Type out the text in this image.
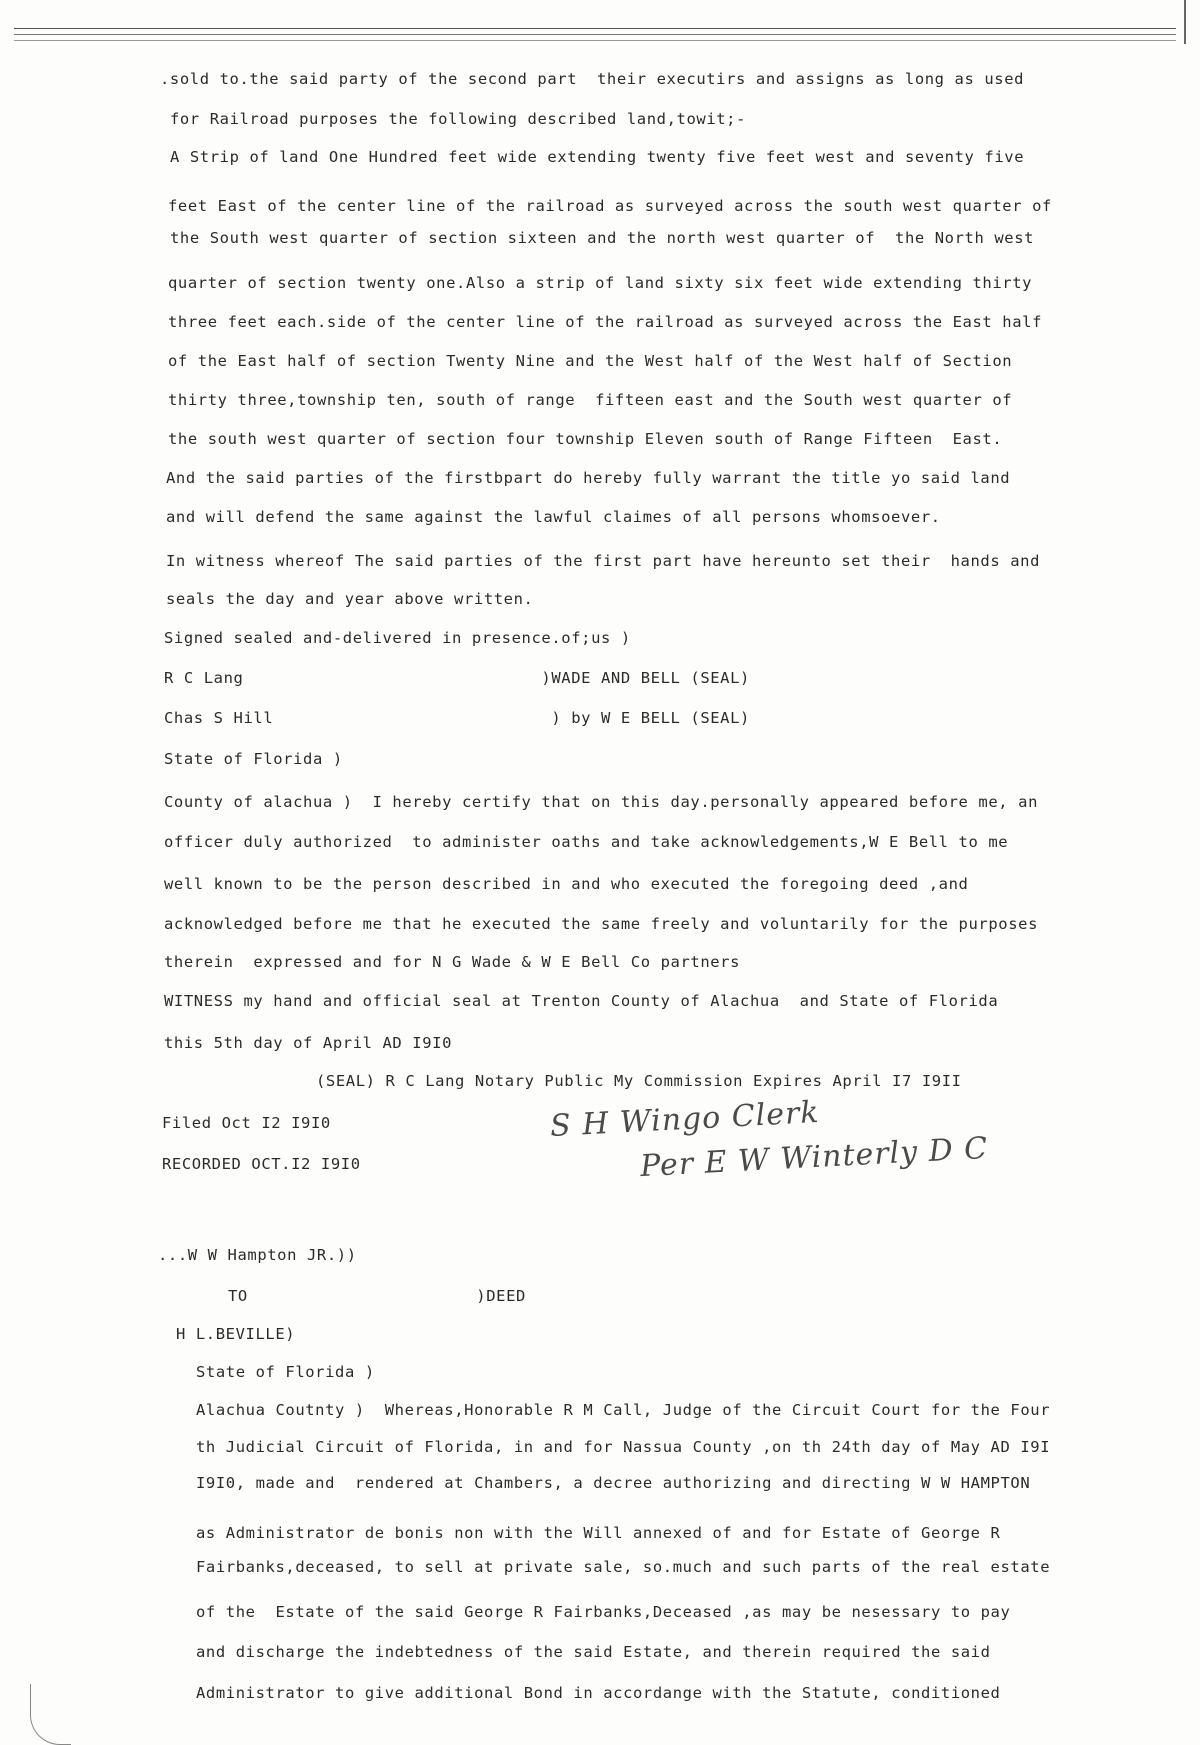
.sold to.the said party of the second part  their executirs and assigns as long as used
for Railroad purposes the following described land,towit;-
A Strip of land One Hundred feet wide extending twenty five feet west and seventy five
feet East of the center line of the railroad as surveyed across the south west quarter of
the South west quarter of section sixteen and the north west quarter of  the North west
quarter of section twenty one.Also a strip of land sixty six feet wide extending thirty
three feet each.side of the center line of the railroad as surveyed across the East half
of the East half of section Twenty Nine and the West half of the West half of Section
thirty three,township ten, south of range  fifteen east and the South west quarter of
the south west quarter of section four township Eleven south of Range Fifteen  East.
And the said parties of the firstbpart do hereby fully warrant the title yo said land
and will defend the same against the lawful claimes of all persons whomsoever.
In witness whereof The said parties of the first part have hereunto set their  hands and
seals the day and year above written.
Signed sealed and-delivered in presence.of;us )
R C Lang                              )WADE AND BELL (SEAL)
Chas S Hill                            ) by W E BELL (SEAL)
State of Florida )
County of alachua )  I hereby certify that on this day.personally appeared before me, an
officer duly authorized  to administer oaths and take acknowledgements,W E Bell to me
well known to be the person described in and who executed the foregoing deed ,and
acknowledged before me that he executed the same freely and voluntarily for the purposes
therein  expressed and for N G Wade & W E Bell Co partners
WITNESS my hand and official seal at Trenton County of Alachua  and State of Florida
this 5th day of April AD I9I0
(SEAL) R C Lang Notary Public My Commission Expires April I7 I9II
Filed Oct I2 I9I0
RECORDED OCT.I2 I9I0
S H Wingo Clerk
Per E W Winterly D C
...W W Hampton JR.))
TO                       )DEED
H L.BEVILLE)
State of Florida )
Alachua Coutnty )  Whereas,Honorable R M Call, Judge of the Circuit Court for the Four
th Judicial Circuit of Florida, in and for Nassua County ,on th 24th day of May AD I9I
I9I0, made and  rendered at Chambers, a decree authorizing and directing W W HAMPTON
as Administrator de bonis non with the Will annexed of and for Estate of George R
Fairbanks,deceased, to sell at private sale, so.much and such parts of the real estate
of the  Estate of the said George R Fairbanks,Deceased ,as may be nesessary to pay
and discharge the indebtedness of the said Estate, and therein required the said
Administrator to give additional Bond in accordange with the Statute, conditioned
